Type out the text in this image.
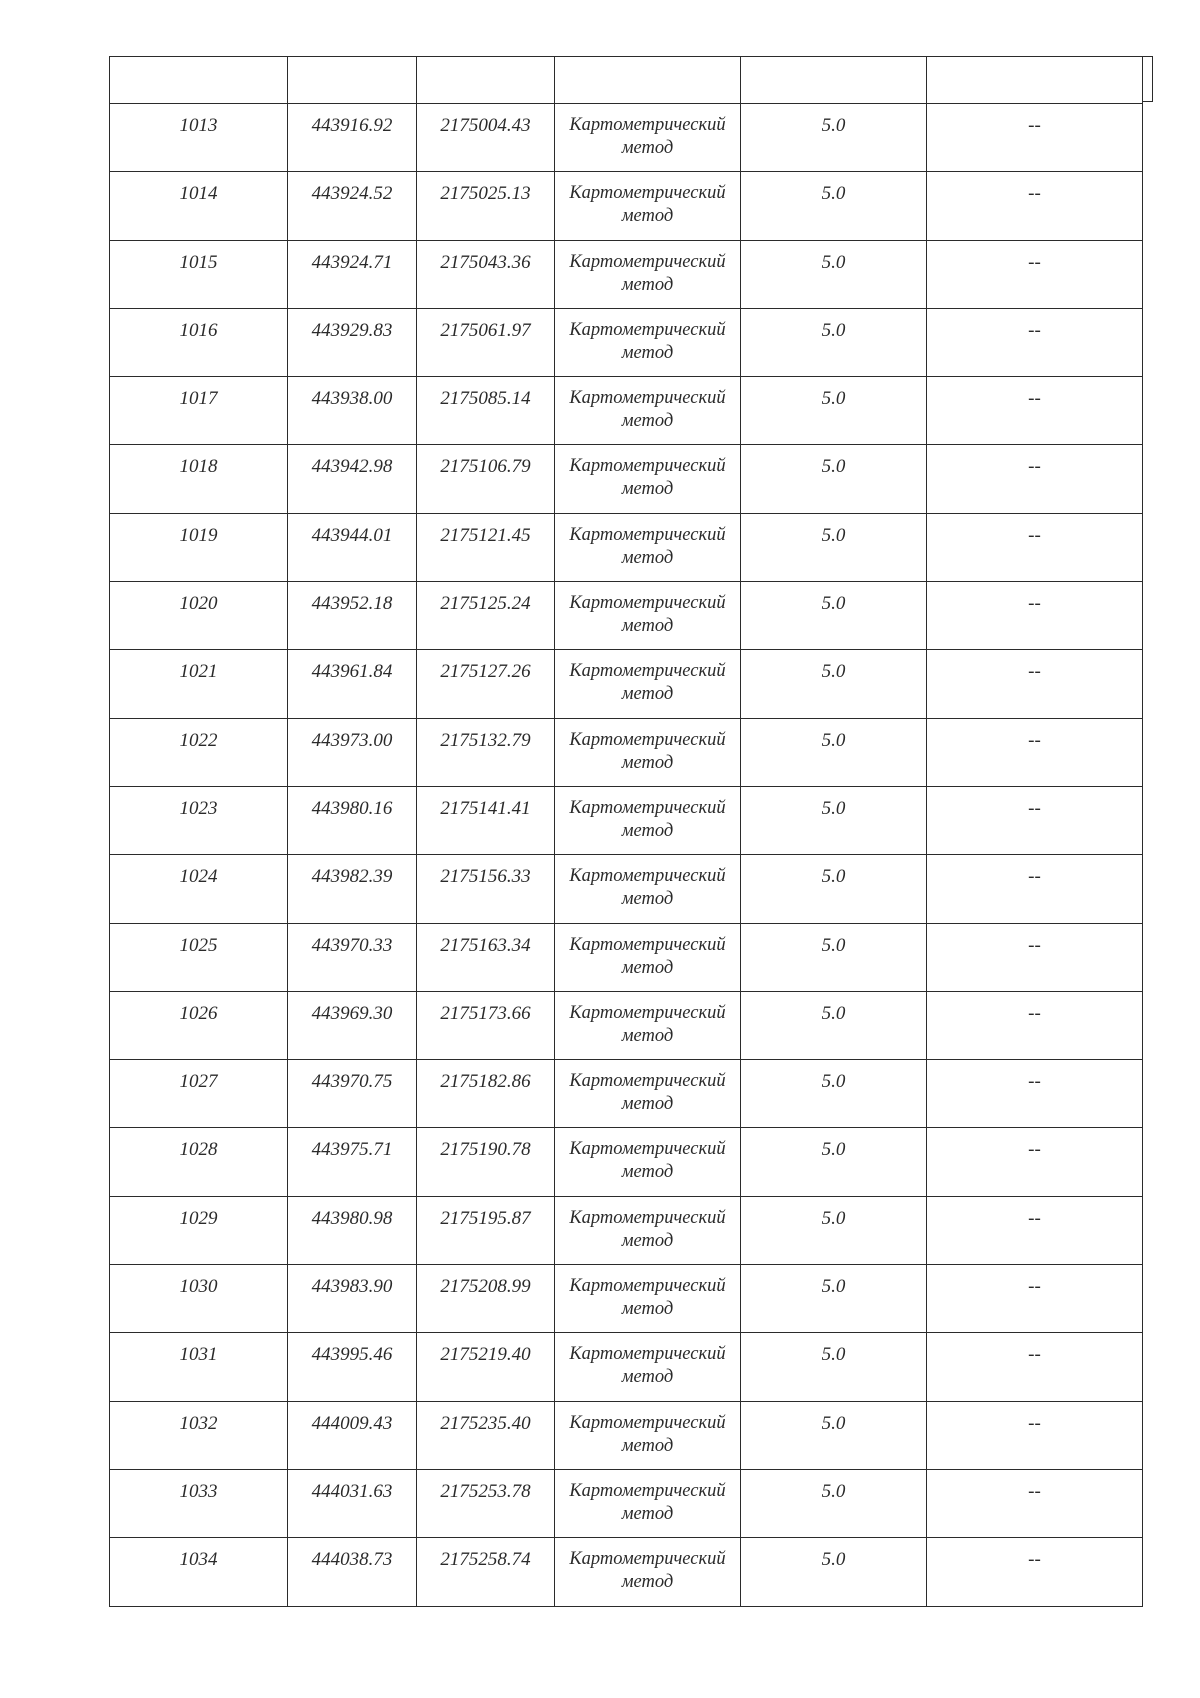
1013	443916.92	2175004.43	Картометрический
метод	5.0	--
1014	443924.52	2175025.13	Картометрический
метод	5.0	--
1015	443924.71	2175043.36	Картометрический
метод	5.0	--
1016	443929.83	2175061.97	Картометрический
метод	5.0	--
1017	443938.00	2175085.14	Картометрический
метод	5.0	--
1018	443942.98	2175106.79	Картометрический
метод	5.0	--
1019	443944.01	2175121.45	Картометрический
метод	5.0	--
1020	443952.18	2175125.24	Картометрический
метод	5.0	--
1021	443961.84	2175127.26	Картометрический
метод	5.0	--
1022	443973.00	2175132.79	Картометрический
метод	5.0	--
1023	443980.16	2175141.41	Картометрический
метод	5.0	--
1024	443982.39	2175156.33	Картометрический
метод	5.0	--
1025	443970.33	2175163.34	Картометрический
метод	5.0	--
1026	443969.30	2175173.66	Картометрический
метод	5.0	--
1027	443970.75	2175182.86	Картометрический
метод	5.0	--
1028	443975.71	2175190.78	Картометрический
метод	5.0	--
1029	443980.98	2175195.87	Картометрический
метод	5.0	--
1030	443983.90	2175208.99	Картометрический
метод	5.0	--
1031	443995.46	2175219.40	Картометрический
метод	5.0	--
1032	444009.43	2175235.40	Картометрический
метод	5.0	--
1033	444031.63	2175253.78	Картометрический
метод	5.0	--
1034	444038.73	2175258.74	Картометрический
метод	5.0	--
